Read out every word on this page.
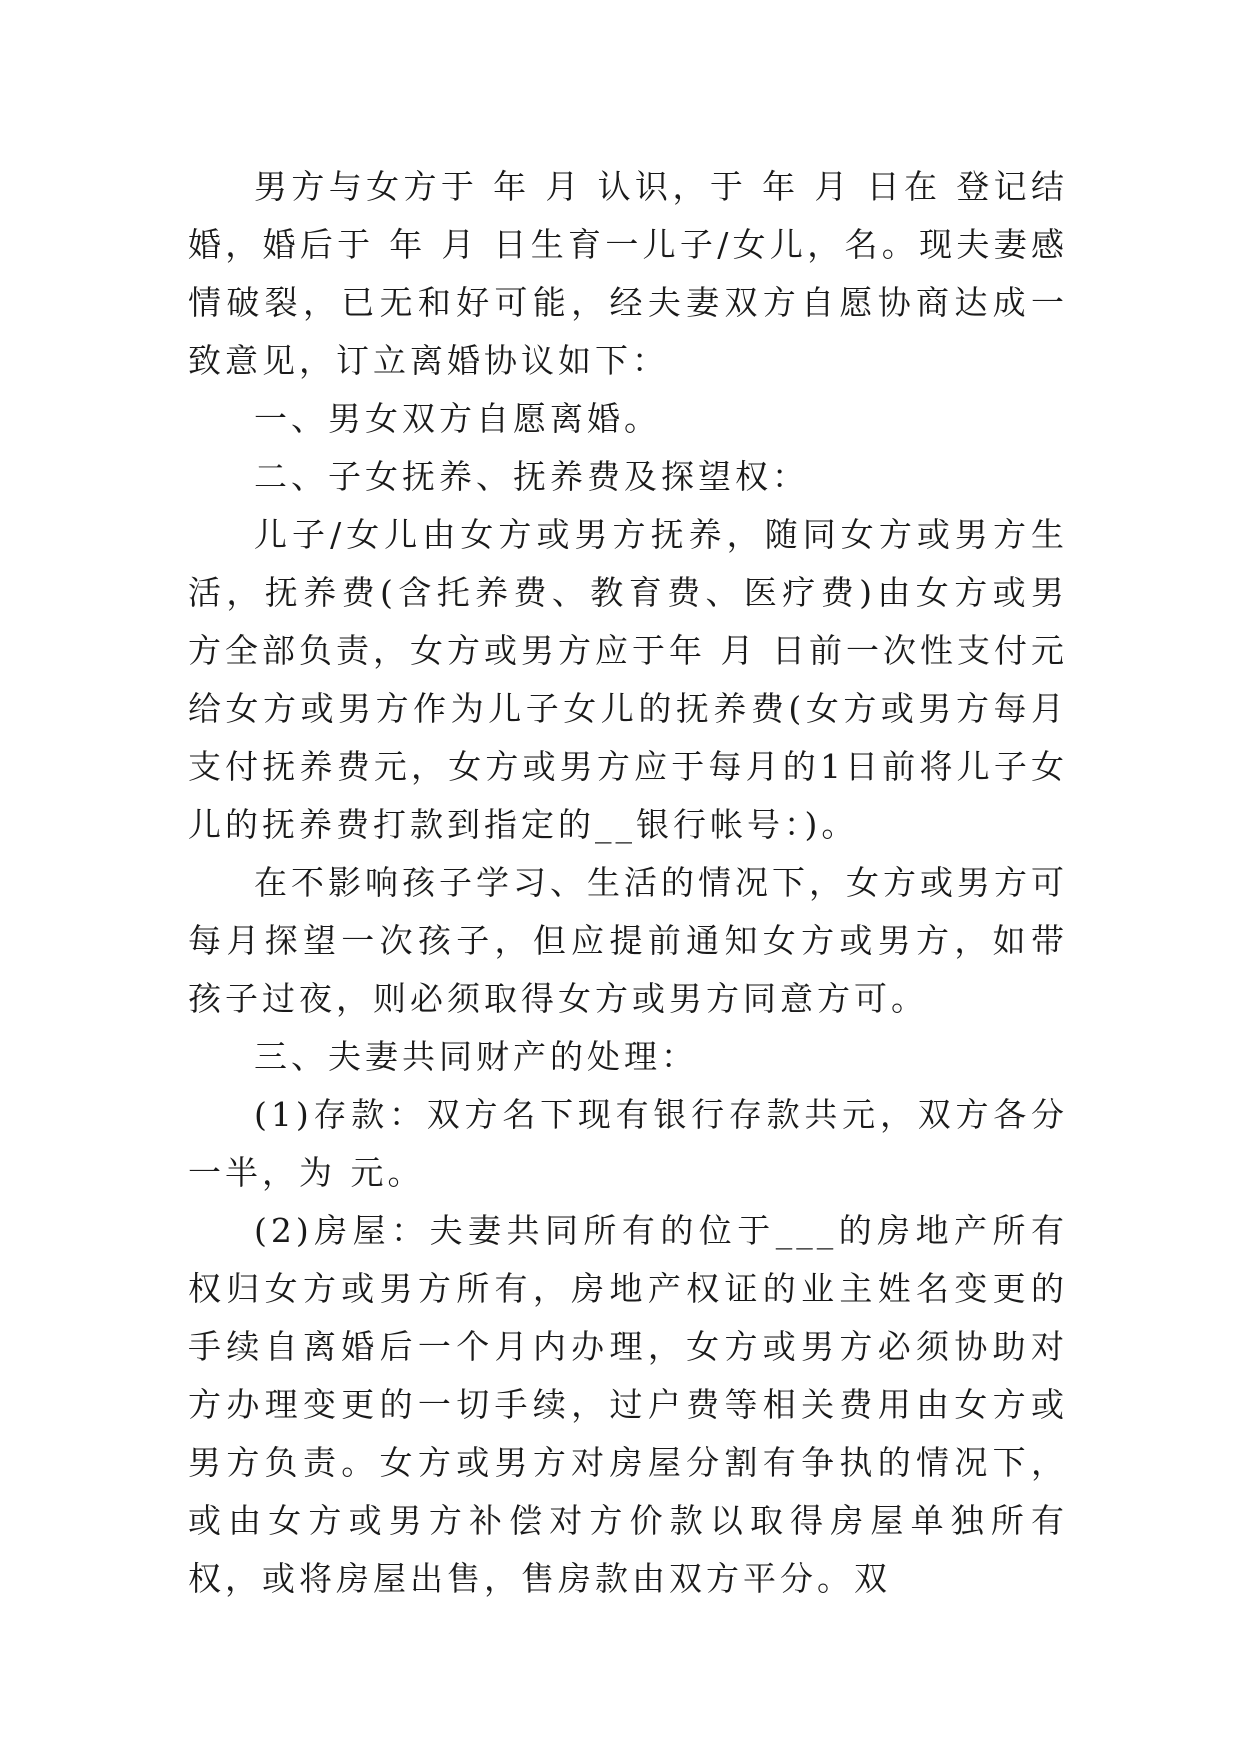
男方与女方于 年 月 认识，于 年 月 日在 登记结婚，婚后于 年 月 日生育一儿子/女儿，名。现夫妻感情破裂，已无和好可能，经夫妻双方自愿协商达成一致意见，订立离婚协议如下：

一、男女双方自愿离婚。

二、子女抚养、抚养费及探望权：

儿子/女儿由女方或男方抚养，随同女方或男方生活，抚养费(含托养费、教育费、医疗费)由女方或男方全部负责，女方或男方应于年 月 日前一次性支付元给女方或男方作为儿子女儿的抚养费(女方或男方每月支付抚养费元，女方或男方应于每月的1日前将儿子女儿的抚养费打款到指定的__银行帐号：)。

在不影响孩子学习、生活的情况下，女方或男方可每月探望一次孩子，但应提前通知女方或男方，如带孩子过夜，则必须取得女方或男方同意方可。

三、夫妻共同财产的处理：

(1)存款：双方名下现有银行存款共元，双方各分一半，为 元。

(2)房屋：夫妻共同所有的位于___的房地产所有权归女方或男方所有，房地产权证的业主姓名变更的手续自离婚后一个月内办理，女方或男方必须协助对方办理变更的一切手续，过户费等相关费用由女方或男方负责。女方或男方对房屋分割有争执的情况下，或由女方或男方补偿对方价款以取得房屋单独所有权，或将房屋出售，售房款由双方平分。双
